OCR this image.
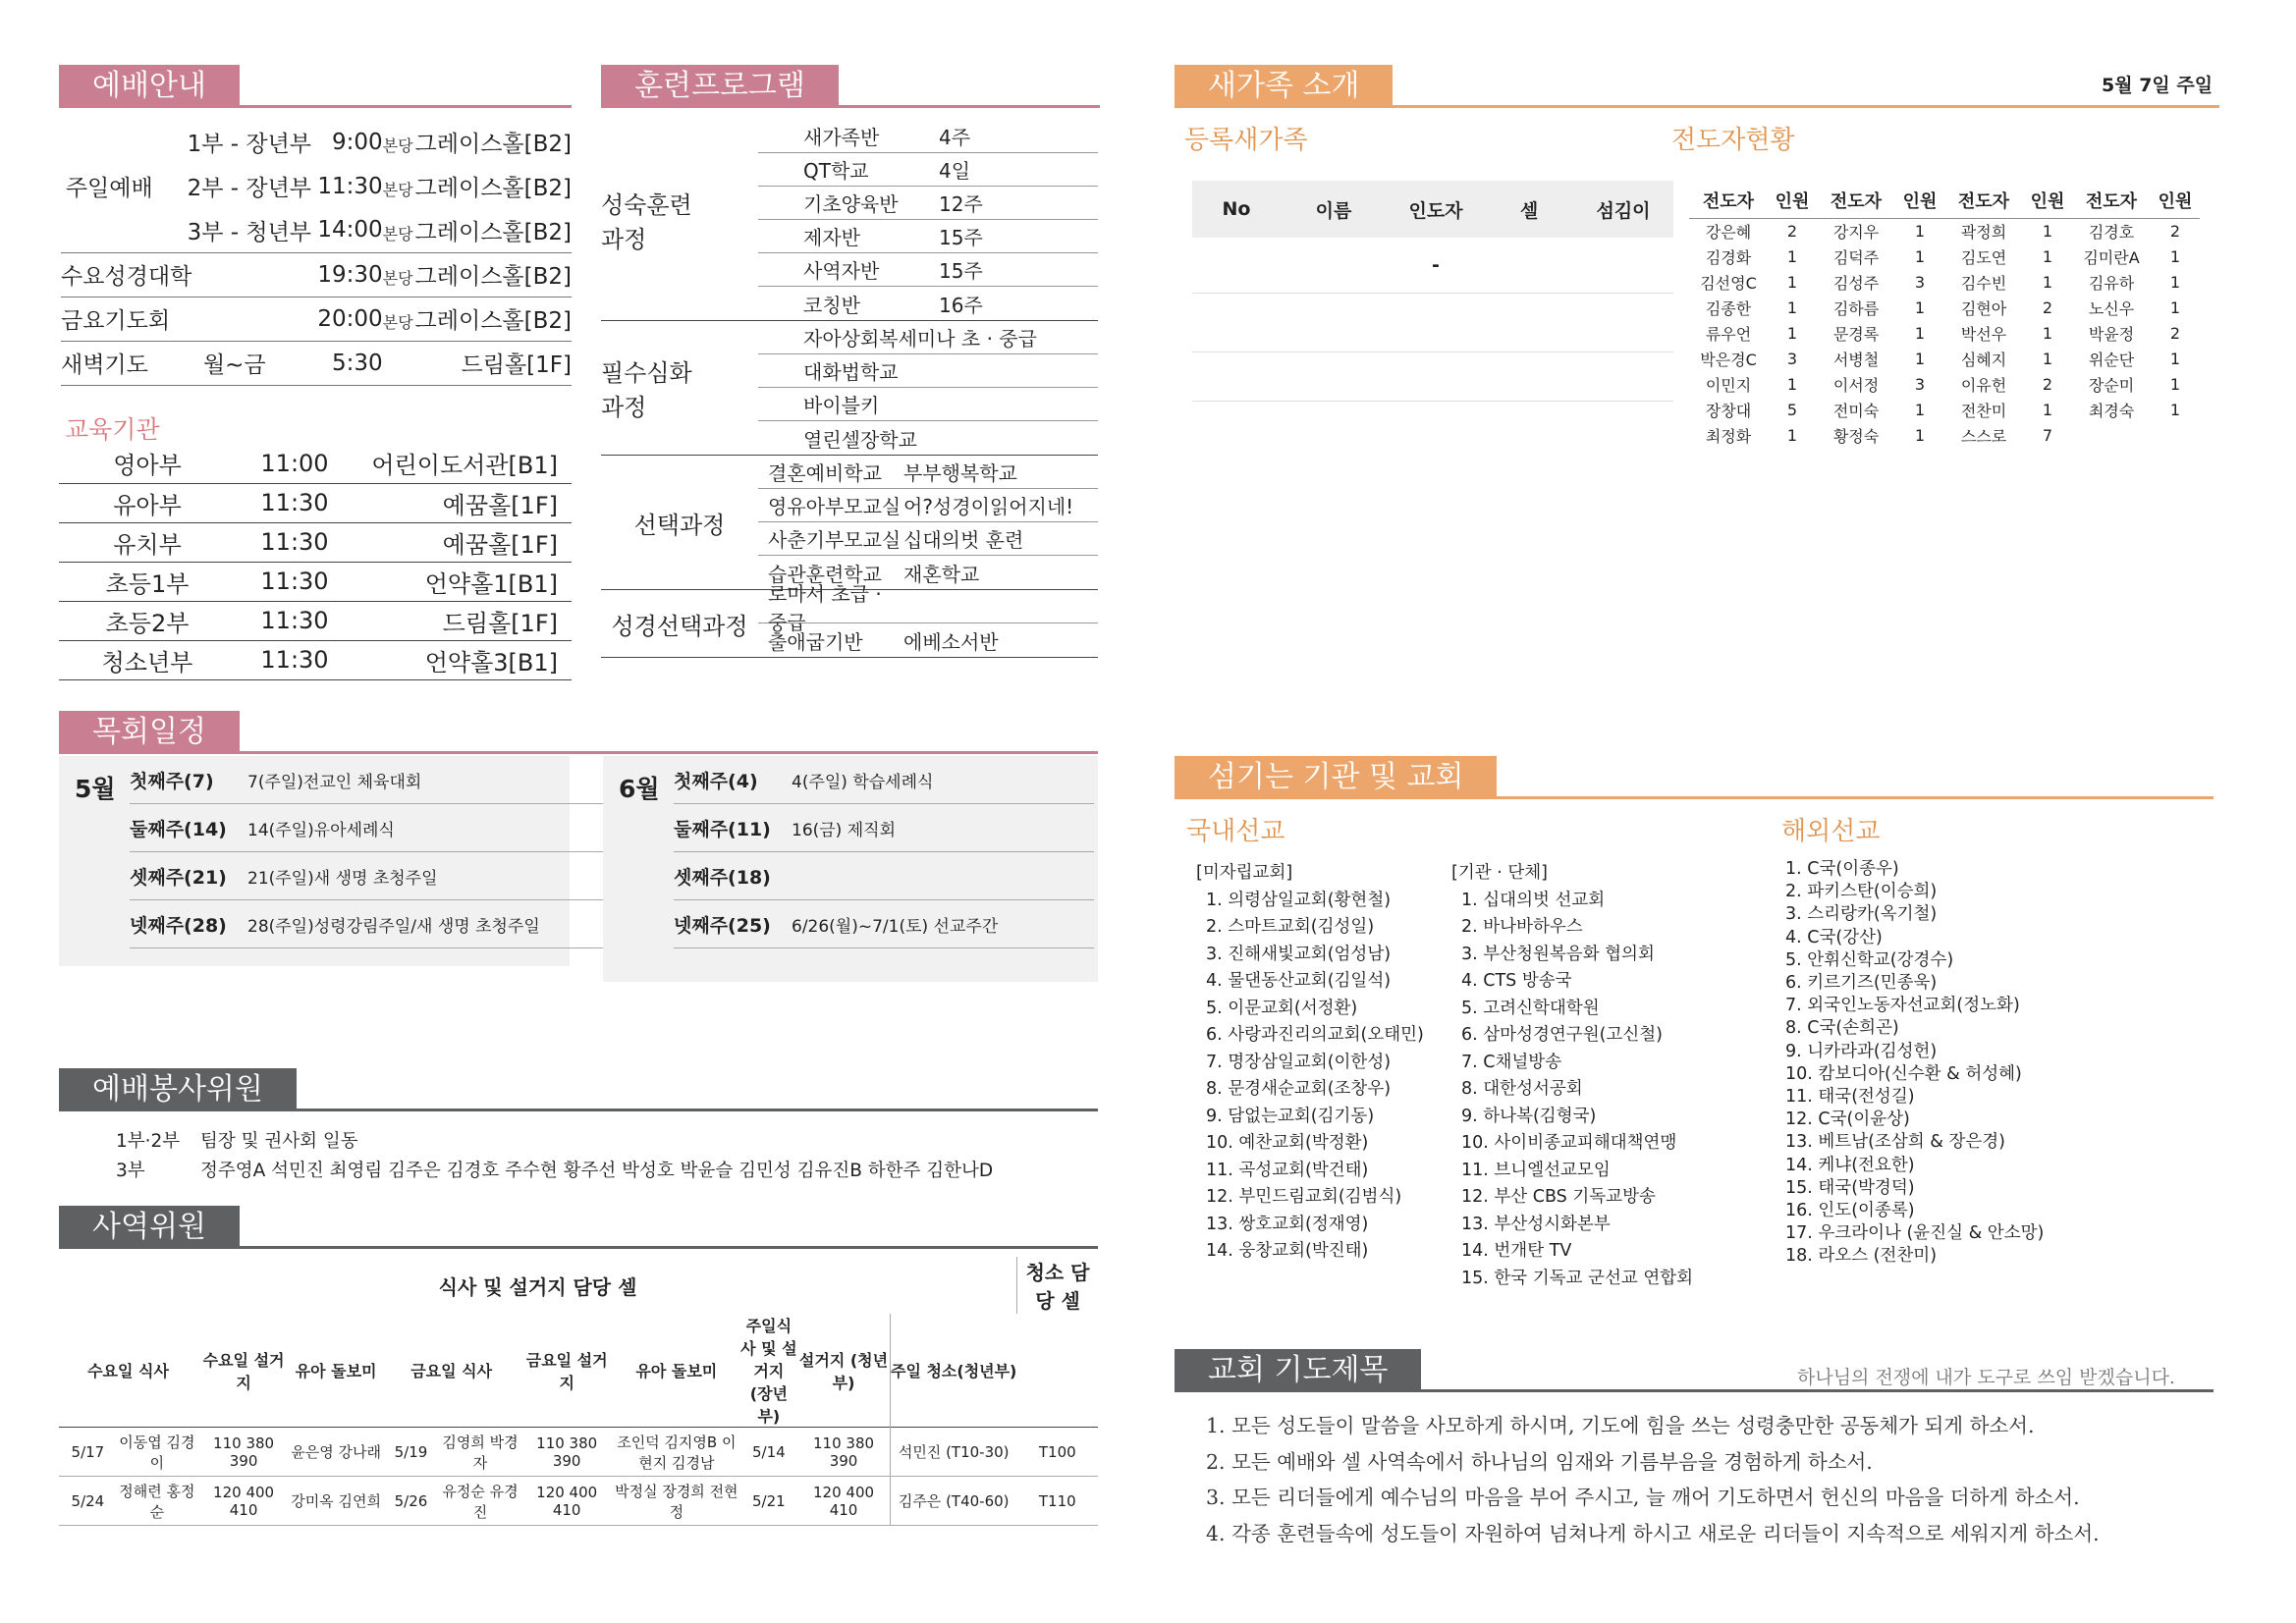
예배안내
주일예배	1부 - 장년부	9:00	본당그레이스홀[B2]
	2부 - 장년부	11:30	본당그레이스홀[B2]
	3부 - 청년부	14:00	본당그레이스홀[B2]
수요성경대학		19:30	본당그레이스홀[B2]
금요기도회		20:00	본당그레이스홀[B2]
새벽기도	월~금	5:30	드림홀[1F]
교육기관
영아부	11:00	어린이도서관[B1]
유아부	11:30	예꿈홀[1F]
유치부	11:30	예꿈홀[1F]
초등1부	11:30	언약홀1[B1]
초등2부	11:30	드림홀[1F]
청소년부	11:30	언약홀3[B1]
훈련프로그램
성숙훈련과정
새가족반	4주
QT학교	4일
기초양육반	12주
제자반	15주
사역자반	15주
코칭반	16주
필수심화과정
자아상회복세미나 초 · 중급
대화법학교
바이블키
열린셀장학교
선택과정
결혼예비학교	부부행복학교
영유아부모교실 어?성경이읽어지네!
사춘기부모교실 십대의벗 훈련
습관훈련학교	재혼학교
성경선택과정
로마서 초급 · 중급
출애굽기반	에베소서반
목회일정
5월 첫째주(7)	7(주일)전교인 체육대회
둘째주(14)	14(주일)유아세례식
셋째주(21)	21(주일)새 생명 초청주일
넷째주(28)	28(주일)성령강림주일/새 생명 초청주일
6월 첫째주(4)	4(주일) 학습세례식
둘째주(11)	16(금) 제직회
셋째주(18)
넷째주(25)	6/26(월)~7/1(토) 선교주간
예배봉사위원
1부·2부 팀장 및 권사회 일동
3부	정주영A 석민진 최영림 김주은 김경호 주수현 황주선 박성호 박윤슬 김민성 김유진B 하한주 김한나D
사역위원
식사 및 설거지 담당 셀											청소 담당 셀
수요일 식사		수요일 설거지	유아 돌보미	금요일 식사		금요일 설거지	유아 돌보미	주일식사 및 설거지 (장년부)	설거지 (청년부)	주일 청소(청년부)	
5/17	이동엽 김경이	110 380 390	윤은영 강나래	5/19	김영희 박경자	110 380 390	조인덕 김지영B 이현지 김경남	5/14	110 380 390	석민진 (T10-30)	T100
5/24	정해련 홍정순	120 400 410	강미옥 김연희	5/26	유정순 유경진	120 400 410	박정실 장경희 전현정	5/21	120 400 410	김주은 (T40-60)	T110
새가족 소개	5월 7일 주일
등록새가족	전도자현황
No	이름	인도자	셀	섬김이
		-		

전도자	인원	전도자	인원	전도자	인원	전도자	인원
강은혜	2	강지우	1	곽정희	1	김경호	2
김경화	1	김덕주	1	김도연	1	김미란A	1
김선영C	1	김성주	3	김수빈	1	김유하	1
김종한	1	김하름	1	김현아	2	노신우	1
류우언	1	문경록	1	박선우	1	박윤정	2
박은경C	3	서병철	1	심혜지	1	위순단	1
이민지	1	이서정	3	이유헌	2	장순미	1
장창대	5	전미숙	1	전찬미	1	최경숙	1
최정화	1	황정숙	1	스스로	7		
섬기는 기관 및 교회
국내선교	해외선교
[미자립교회]
1. 의령삼일교회(황현철)
2. 스마트교회(김성일)
3. 진해새빛교회(엄성남)
4. 물댄동산교회(김일석)
5. 이문교회(서정환)
6. 사랑과진리의교회(오태민)
7. 명장삼일교회(이한성)
8. 문경새순교회(조창우)
9. 담없는교회(김기동)
10. 예찬교회(박정환)
11. 곡성교회(박건태)
12. 부민드림교회(김범식)
13. 쌍호교회(정재영)
14. 웅창교회(박진태)
[기관 · 단체]
1. 십대의벗 선교회
2. 바나바하우스
3. 부산청원복음화 협의회
4. CTS 방송국
5. 고려신학대학원
6. 삼마성경연구원(고신철)
7. C채널방송
8. 대한성서공회
9. 하나복(김형국)
10. 사이비종교피해대책연맹
11. 브니엘선교모임
12. 부산 CBS 기독교방송
13. 부산성시화본부
14. 번개탄 TV
15. 한국 기독교 군선교 연합회
1. C국(이종우)
2. 파키스탄(이승희)
3. 스리랑카(옥기철)
4. C국(강산)
5. 안휘신학교(강경수)
6. 키르기즈(민종욱)
7. 외국인노동자선교회(정노화)
8. C국(손희곤)
9. 니카라과(김성헌)
10. 캄보디아(신수환 & 허성혜)
11. 태국(전성길)
12. C국(이윤상)
13. 베트남(조삼희 & 장은경)
14. 케냐(전요한)
15. 태국(박경덕)
16. 인도(이종록)
17. 우크라이나 (윤진실 & 안소망)
18. 라오스 (전찬미)
교회 기도제목	하나님의 전쟁에 내가 도구로 쓰임 받겠습니다.
1. 모든 성도들이 말씀을 사모하게 하시며, 기도에 힘을 쓰는 성령충만한 공동체가 되게 하소서.
2. 모든 예배와 셀 사역속에서 하나님의 임재와 기름부음을 경험하게 하소서.
3. 모든 리더들에게 예수님의 마음을 부어 주시고, 늘 깨어 기도하면서 헌신의 마음을 더하게 하소서.
4. 각종 훈련들속에 성도들이 자원하여 넘쳐나게 하시고 새로운 리더들이 지속적으로 세워지게 하소서.
